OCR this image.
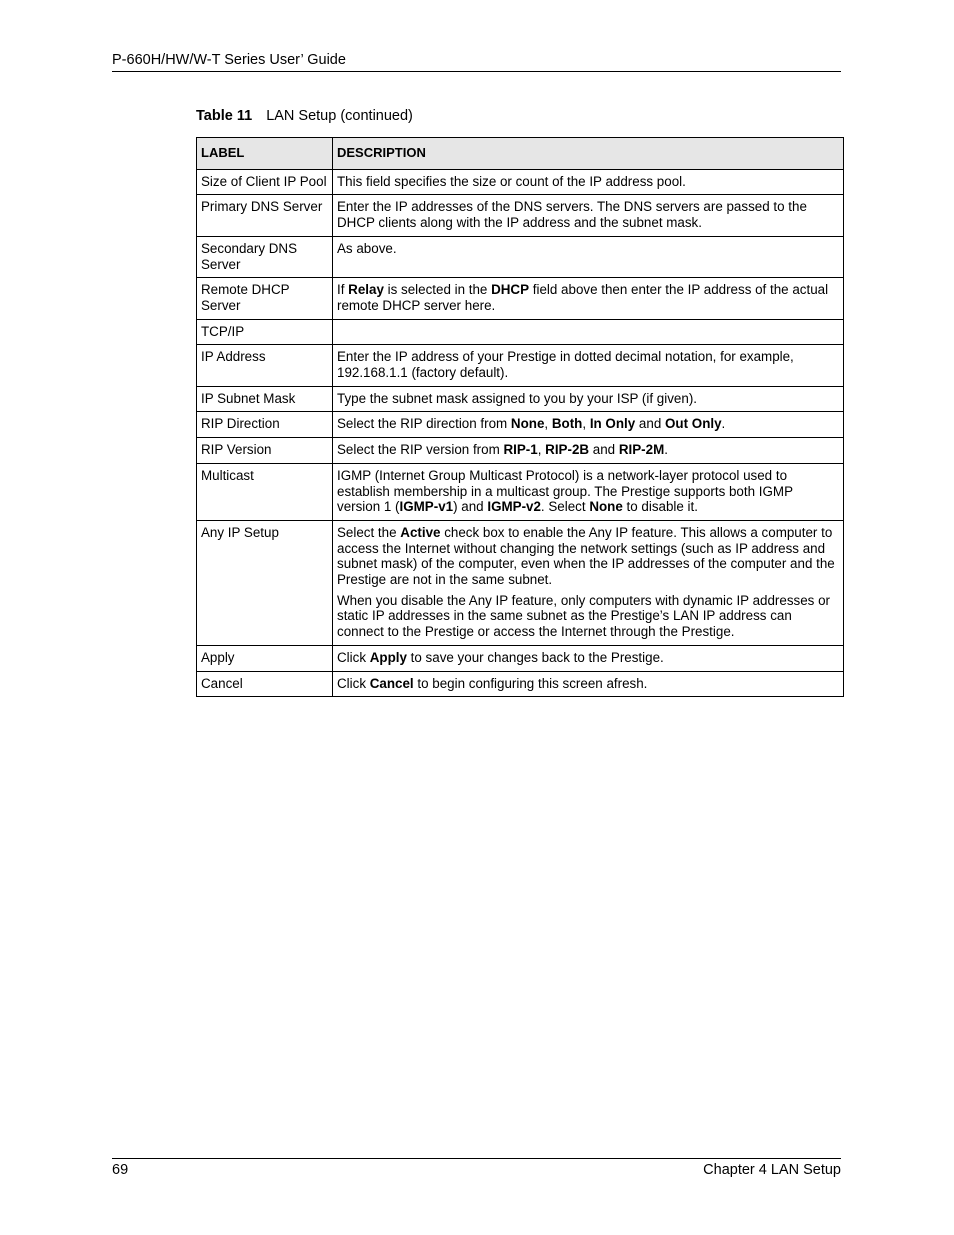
P-660H/HW/W-T Series User’ Guide
Table 11 LAN Setup (continued)
LABEL	DESCRIPTION
Size of Client IP Pool	This field specifies the size or count of the IP address pool.
Primary DNS Server	Enter the IP addresses of the DNS servers. The DNS servers are passed to the DHCP clients along with the IP address and the subnet mask.
Secondary DNS Server	As above.
Remote DHCP Server	If Relay is selected in the DHCP field above then enter the IP address of the actual remote DHCP server here.
TCP/IP	
IP Address	Enter the IP address of your Prestige in dotted decimal notation, for example, 192.168.1.1 (factory default).
IP Subnet Mask	Type the subnet mask assigned to you by your ISP (if given).
RIP Direction	Select the RIP direction from None, Both, In Only and Out Only.
RIP Version	Select the RIP version from RIP-1, RIP-2B and RIP-2M.
Multicast	IGMP (Internet Group Multicast Protocol) is a network-layer protocol used to establish membership in a multicast group. The Prestige supports both IGMP version 1 (IGMP-v1) and IGMP-v2. Select None to disable it.
Any IP Setup	Select the Active check box to enable the Any IP feature. This allows a computer to access the Internet without changing the network settings (such as IP address and subnet mask) of the computer, even when the IP addresses of the computer and the Prestige are not in the same subnet.
When you disable the Any IP feature, only computers with dynamic IP addresses or static IP addresses in the same subnet as the Prestige’s LAN IP address can connect to the Prestige or access the Internet through the Prestige.

Apply	Click Apply to save your changes back to the Prestige.
Cancel	Click Cancel to begin configuring this screen afresh.
69	Chapter 4 LAN Setup
